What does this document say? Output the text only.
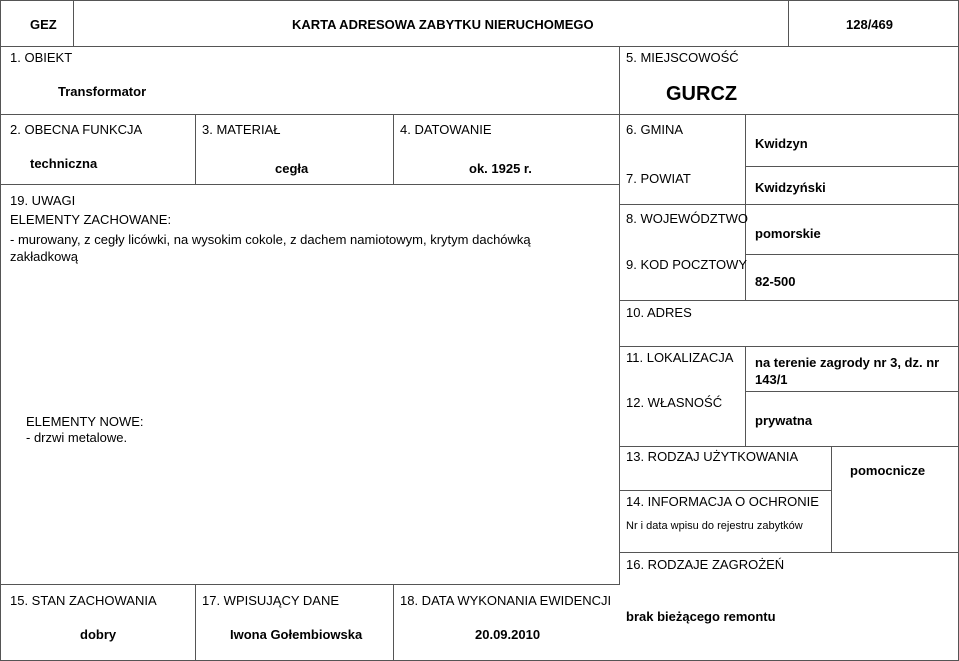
GEZ	KARTA ADRESOWA ZABYTKU NIERUCHOMEGO	128/469
1. OBIEKT
Transformator
5. MIEJSCOWOŚĆ
GURCZ
2. OBECNA FUNKCJA
techniczna
3. MATERIAŁ
cegła
4. DATOWANIE
ok. 1925 r.
6. GMINA
Kwidzyn
7. POWIAT
Kwidzyński
8. WOJEWÓDZTWO
pomorskie
9. KOD POCZTOWY
82-500
10. ADRES
19. UWAGI
ELEMENTY ZACHOWANE:
- murowany, z cegły licówki, na wysokim cokole, z dachem namiotowym, krytym dachówką zakładkową
ELEMENTY NOWE:
- drzwi metalowe.
11. LOKALIZACJA na terenie zagrody nr 3, dz. nr 143/1
12. WŁASNOŚĆ
prywatna
13. RODZAJ UŻYTKOWANIA
pomocnicze
14. INFORMACJA O OCHRONIE
Nr i data wpisu do rejestru zabytków
16. RODZAJE ZAGROŻEŃ
brak bieżącego remontu
15. STAN ZACHOWANIA
dobry
17. WPISUJĄCY DANE
Iwona Gołembiowska
18. DATA WYKONANIA EWIDENCJI
20.09.2010
